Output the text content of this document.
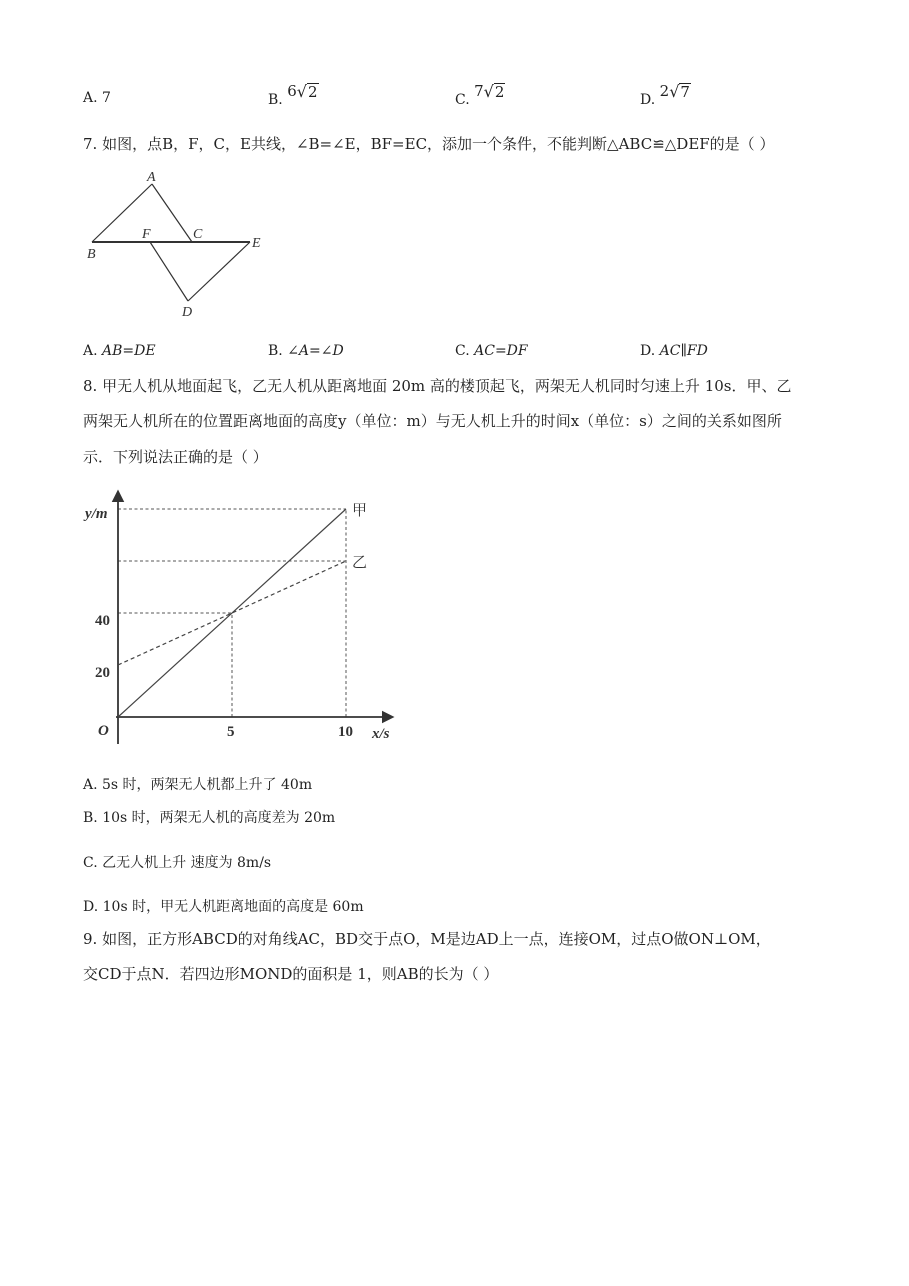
A. 7	B. 6 √ 2	C. 7 √ 2	D. 2 √ 7
7. 如图，点B，F，C，E共线，∠B=∠E，BF=EC，添加一个条件，不能判断△ABC≌△DEF的是（ ）
A
B
F	C
E
D
A. AB=DE	B. ∠A=∠D	C. AC=DF	D. AC∥FD
8. 甲无人机从地面起飞，乙无人机从距离地面 20m 高的楼顶起飞，两架无人机同时匀速上升 10s．甲、乙
两架无人机所在的位置距离地面的高度y（单位：m）与无人机上升的时间x（单位：s）之间的关系如图所
示．下列说法正确的是（ ）
y/m
x/s
O
20
40
5	10
甲
乙
A. 5s 时，两架无人机都上升了 40m
B. 10s 时，两架无人机的高度差为 20m
C. 乙无人机上升 速度为 8m/s
D. 10s 时，甲无人机距离地面的高度是 60m
9. 如图，正方形ABCD的对角线AC，BD交于点O，M是边AD上一点，连接OM，过点O做ON⊥OM，
交CD于点N．若四边形MOND的面积是 1，则AB的长为（ ）
